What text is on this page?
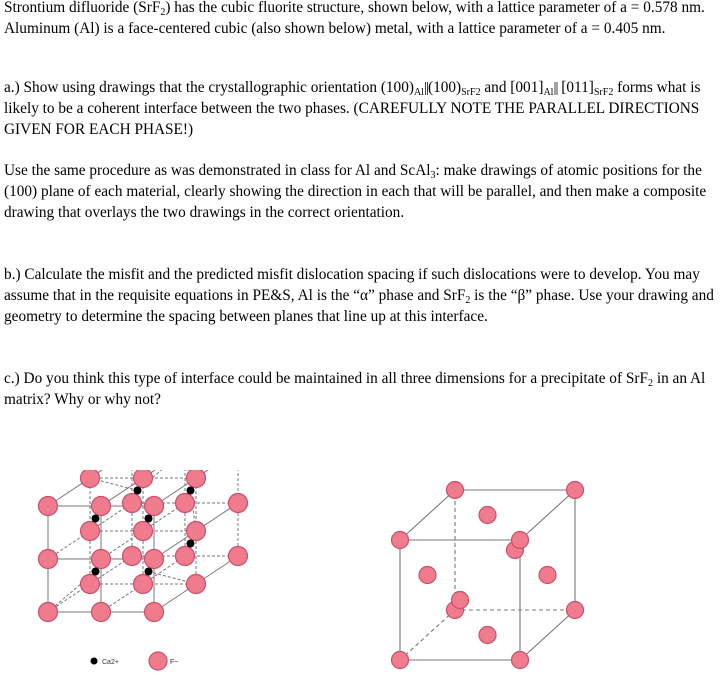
Strontium difluoride (SrF$_2$) has the cubic fluorite structure, shown below, with a lattice parameter of a = 0.578 nm. Aluminum (Al) is a face-centered cubic (also shown below) metal, with a lattice parameter of a = 0.405 nm.

a.) Show using drawings that the crystallographic orientation $(100)_{Al}||(100)_{SrF2}$ and $[001]_{Al}||$ $[011]_{SrF2}$ forms what is likely to be a coherent interface between the two phases. (CAREFULLY NOTE THE PARALLEL DIRECTIONS GIVEN FOR EACH PHASE!)

Use the same procedure as was demonstrated in class for Al and ScAl$_3$: make drawings of atomic positions for the (100) plane of each material, clearly showing the direction in each that will be parallel, and then make a composite drawing that overlays the two drawings in the correct orientation.

b.) Calculate the misfit and the predicted misfit dislocation spacing if such dislocations were to develop. You may assume that in the requisite equations in PE&S, Al is the “α” phase and SrF$_2$ is the “β” phase. Use your drawing and geometry to determine the spacing between planes that line up at this interface.

c.) Do you think this type of interface could be maintained in all three dimensions for a precipitate of SrF$_2$ in an Al matrix? Why or why not?

Ca2+	F−
